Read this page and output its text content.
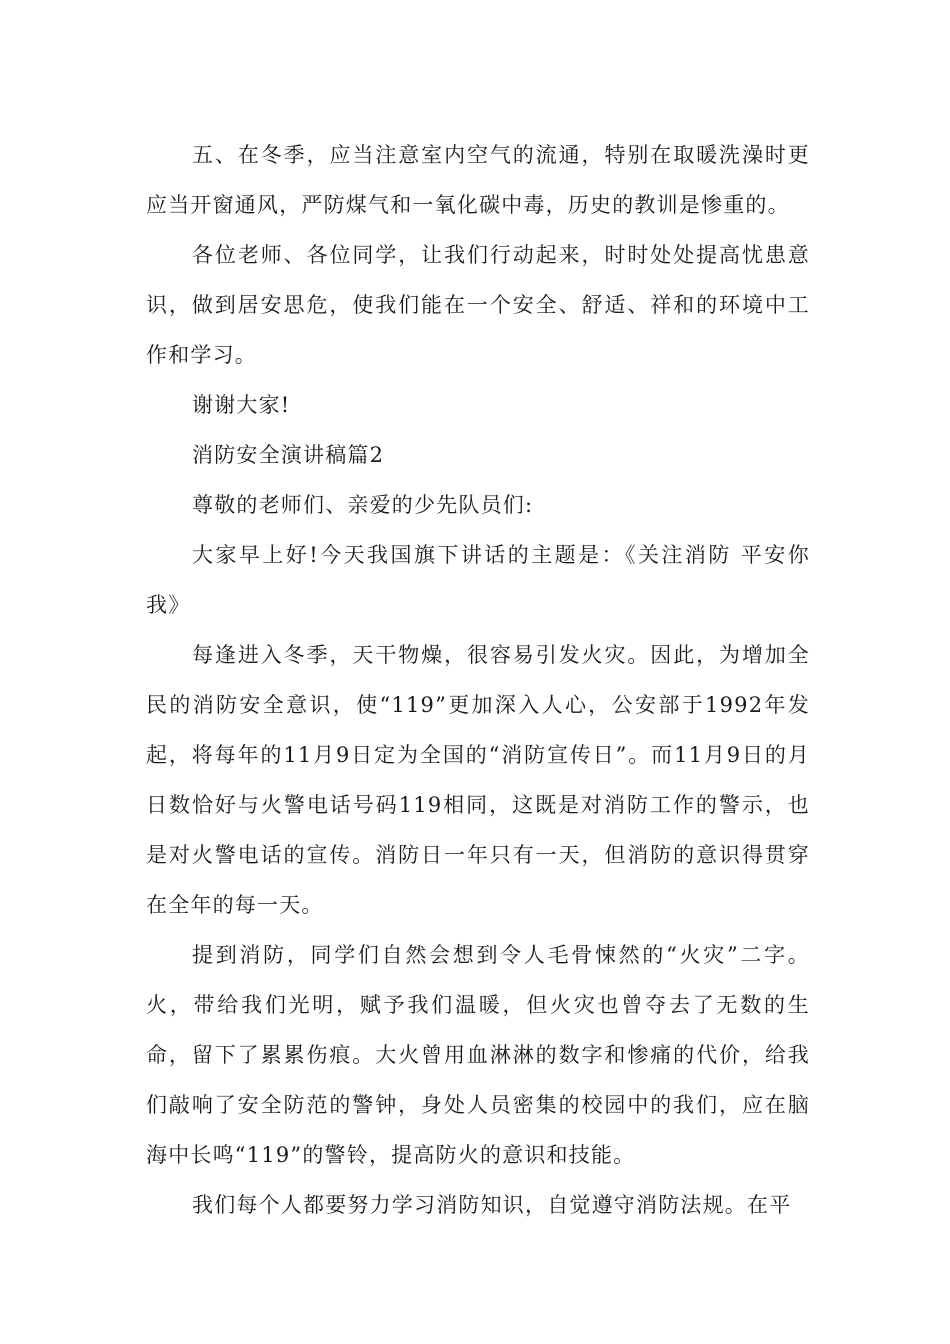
五、在冬季，应当注意室内空气的流通，特别在取暖洗澡时更应当开窗通风，严防煤气和一氧化碳中毒，历史的教训是惨重的。

各位老师、各位同学，让我们行动起来，时时处处提高忧患意识，做到居安思危，使我们能在一个安全、舒适、祥和的环境中工作和学习。

谢谢大家!

消防安全演讲稿篇2

尊敬的老师们、亲爱的少先队员们:

大家早上好!今天我国旗下讲话的主题是：《关注消防 平安你我》

每逢进入冬季，天干物燥，很容易引发火灾。因此，为增加全民的消防安全意识，使“119”更加深入人心，公安部于1992年发起，将每年的11月9日定为全国的“消防宣传日”。而11月9日的月日数恰好与火警电话号码119相同，这既是对消防工作的警示，也是对火警电话的宣传。消防日一年只有一天，但消防的意识得贯穿在全年的每一天。

提到消防，同学们自然会想到令人毛骨悚然的“火灾”二字。火，带给我们光明，赋予我们温暖，但火灾也曾夺去了无数的生命，留下了累累伤痕。大火曾用血淋淋的数字和惨痛的代价，给我们敲响了安全防范的警钟，身处人员密集的校园中的我们，应在脑海中长鸣“119”的警铃，提高防火的意识和技能。

我们每个人都要努力学习消防知识，自觉遵守消防法规。在平
